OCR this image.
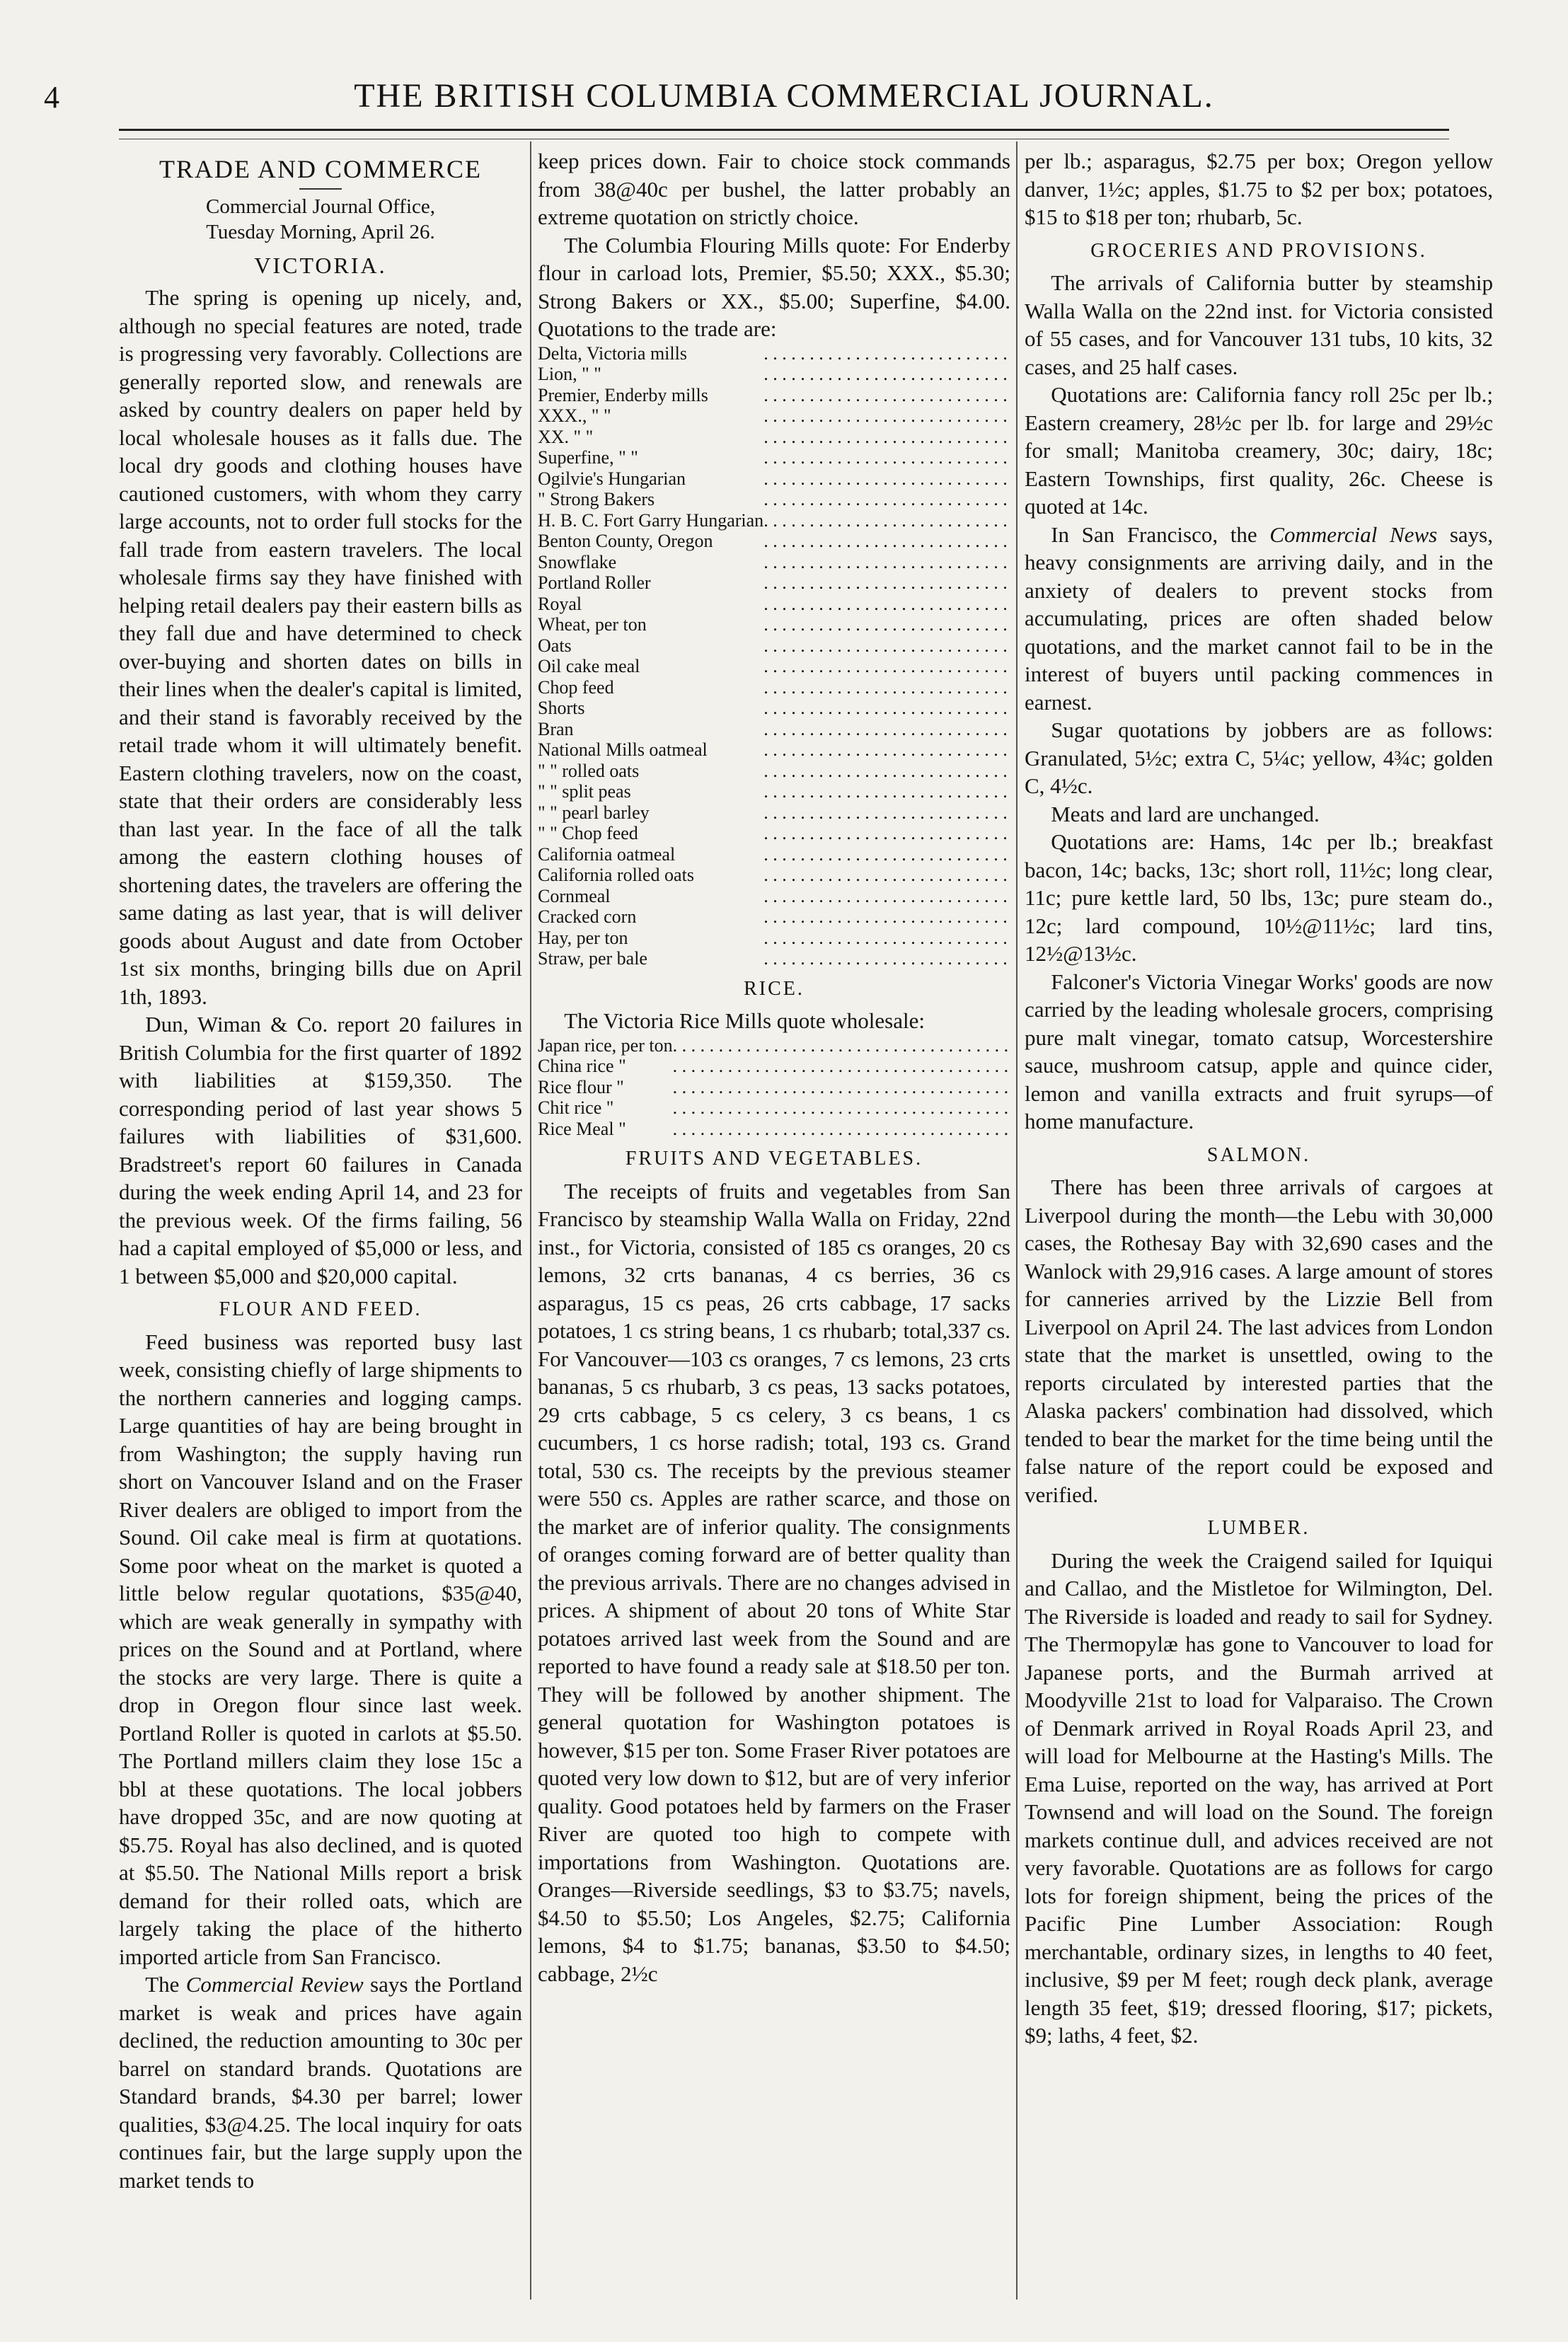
4	THE BRITISH COLUMBIA COMMERCIAL JOURNAL.
TRADE AND COMMERCE
Commercial Journal Office,
Tuesday Morning, April 26.
VICTORIA.

The spring is opening up nicely, and, although no special features are noted, trade is progressing very favorably. Collections are generally reported slow, and renewals are asked by country dealers on paper held by local wholesale houses as it falls due. The local dry goods and clothing houses have cautioned customers, with whom they carry large accounts, not to order full stocks for the fall trade from eastern travelers. The local wholesale firms say they have finished with helping retail dealers pay their eastern bills as they fall due and have determined to check over-buying and shorten dates on bills in their lines when the dealer's capital is limited, and their stand is favorably received by the retail trade whom it will ultimately benefit. Eastern clothing travelers, now on the coast, state that their orders are considerably less than last year. In the face of all the talk among the eastern clothing houses of shortening dates, the travelers are offering the same dating as last year, that is will deliver goods about August and date from October 1st six months, bringing bills due on April 1th, 1893.

Dun, Wiman & Co. report 20 failures in British Columbia for the first quarter of 1892 with liabilities at $159,350. The corresponding period of last year shows 5 failures with liabilities of $31,600. Bradstreet's report 60 failures in Canada during the week ending April 14, and 23 for the previous week. Of the firms failing, 56 had a capital employed of $5,000 or less, and 1 between $5,000 and $20,000 capital.

FLOUR AND FEED.

Feed business was reported busy last week, consisting chiefly of large shipments to the northern canneries and logging camps. Large quantities of hay are being brought in from Washington; the supply having run short on Vancouver Island and on the Fraser River dealers are obliged to import from the Sound. Oil cake meal is firm at quotations. Some poor wheat on the market is quoted a little below regular quotations, $35@40, which are weak generally in sympathy with prices on the Sound and at Portland, where the stocks are very large. There is quite a drop in Oregon flour since last week. Portland Roller is quoted in carlots at $5.50. The Portland millers claim they lose 15c a bbl at these quotations. The local jobbers have dropped 35c, and are now quoting at $5.75. Royal has also declined, and is quoted at $5.50. The National Mills report a brisk demand for their rolled oats, which are largely taking the place of the hitherto imported article from San Francisco.

The Commercial Review says the Portland market is weak and prices have again declined, the reduction amounting to 30c per barrel on standard brands. Quotations are Standard brands, $4.30 per barrel; lower qualities, $3@4.25. The local inquiry for oats continues fair, but the large supply upon the market tends to

keep prices down. Fair to choice stock commands from 38@40c per bushel, the latter probably an extreme quotation on strictly choice.

The Columbia Flouring Mills quote: For Enderby flour in carload lots, Premier, $5.50; XXX., $5.30; Strong Bakers or XX., $5.00; Superfine, $4.00. Quotations to the trade are:

Delta, Victoria mills	. . .	
Lion, " "	. . .	
Premier, Enderby mills	. . .	
XXX., " "	. . .	
XX. " "	. . .	
Superfine, " "	. . .	
Ogilvie's Hungarian	. . .	
" Strong Bakers	. . .	
H. B. C. Fort Garry Hungarian	. . .	
Benton County, Oregon	. . .	
Snowflake	. . .	
Portland Roller	. . .	
Royal	. . .	
Wheat, per ton	. . .	
Oats	. . .	
Oil cake meal	. . .	
Chop feed	. . .	
Shorts	. . .	
Bran	. . .	
National Mills oatmeal	. . .	
" " rolled oats	. . .	
" " split peas	. . .	
" " pearl barley	. . .	
" " Chop feed	. . .	
California oatmeal	. . .	
California rolled oats	. . .	
Cornmeal	. . .	
Cracked corn	. . .	
Hay, per ton	. . .	
Straw, per bale	. . .	
RICE.

The Victoria Rice Mills quote wholesale:

Japan rice, per ton	. . .	
China rice "	. . .	
Rice flour "	. . .	
Chit rice "	. . .	
Rice Meal "	. . .	
FRUITS AND VEGETABLES.

The receipts of fruits and vegetables from San Francisco by steamship Walla Walla on Friday, 22nd inst., for Victoria, consisted of 185 cs oranges, 20 cs lemons, 32 crts bananas, 4 cs berries, 36 cs asparagus, 15 cs peas, 26 crts cabbage, 17 sacks potatoes, 1 cs string beans, 1 cs rhubarb; total,337 cs. For Vancouver—103 cs oranges, 7 cs lemons, 23 crts bananas, 5 cs rhubarb, 3 cs peas, 13 sacks potatoes, 29 crts cabbage, 5 cs celery, 3 cs beans, 1 cs cucumbers, 1 cs horse radish; total, 193 cs. Grand total, 530 cs. The receipts by the previous steamer were 550 cs. Apples are rather scarce, and those on the market are of inferior quality. The consignments of oranges coming forward are of better quality than the previous arrivals. There are no changes advised in prices. A shipment of about 20 tons of White Star potatoes arrived last week from the Sound and are reported to have found a ready sale at $18.50 per ton. They will be followed by another shipment. The general quotation for Washington potatoes is however, $15 per ton. Some Fraser River potatoes are quoted very low down to $12, but are of very inferior quality. Good potatoes held by farmers on the Fraser River are quoted too high to compete with importations from Washington. Quotations are. Oranges—Riverside seedlings, $3 to $3.75; navels, $4.50 to $5.50; Los Angeles, $2.75; California lemons, $4 to $1.75; bananas, $3.50 to $4.50; cabbage, 2½c

per lb.; asparagus, $2.75 per box; Oregon yellow danver, 1½c; apples, $1.75 to $2 per box; potatoes, $15 to $18 per ton; rhubarb, 5c.

GROCERIES AND PROVISIONS.

The arrivals of California butter by steamship Walla Walla on the 22nd inst. for Victoria consisted of 55 cases, and for Vancouver 131 tubs, 10 kits, 32 cases, and 25 half cases.

Quotations are: California fancy roll 25c per lb.; Eastern creamery, 28½c per lb. for large and 29½c for small; Manitoba creamery, 30c; dairy, 18c; Eastern Townships, first quality, 26c. Cheese is quoted at 14c.

In San Francisco, the Commercial News says, heavy consignments are arriving daily, and in the anxiety of dealers to prevent stocks from accumulating, prices are often shaded below quotations, and the market cannot fail to be in the interest of buyers until packing commences in earnest.

Sugar quotations by jobbers are as follows: Granulated, 5½c; extra C, 5¼c; yellow, 4¾c; golden C, 4½c.

Meats and lard are unchanged.

Quotations are: Hams, 14c per lb.; breakfast bacon, 14c; backs, 13c; short roll, 11½c; long clear, 11c; pure kettle lard, 50 lbs, 13c; pure steam do., 12c; lard compound, 10½@11½c; lard tins, 12½@13½c.

Falconer's Victoria Vinegar Works' goods are now carried by the leading wholesale grocers, comprising pure malt vinegar, tomato catsup, Worcestershire sauce, mushroom catsup, apple and quince cider, lemon and vanilla extracts and fruit syrups—of home manufacture.

SALMON.

There has been three arrivals of cargoes at Liverpool during the month—the Lebu with 30,000 cases, the Rothesay Bay with 32,690 cases and the Wanlock with 29,916 cases. A large amount of stores for canneries arrived by the Lizzie Bell from Liverpool on April 24. The last advices from London state that the market is unsettled, owing to the reports circulated by interested parties that the Alaska packers' combination had dissolved, which tended to bear the market for the time being until the false nature of the report could be exposed and verified.

LUMBER.

During the week the Craigend sailed for Iquiqui and Callao, and the Mistletoe for Wilmington, Del. The Riverside is loaded and ready to sail for Sydney. The Thermopylæ has gone to Vancouver to load for Japanese ports, and the Burmah arrived at Moodyville 21st to load for Valparaiso. The Crown of Denmark arrived in Royal Roads April 23, and will load for Melbourne at the Hasting's Mills. The Ema Luise, reported on the way, has arrived at Port Townsend and will load on the Sound. The foreign markets continue dull, and advices received are not very favorable. Quotations are as follows for cargo lots for foreign shipment, being the prices of the Pacific Pine Lumber Association: Rough merchantable, ordinary sizes, in lengths to 40 feet, inclusive, $9 per M feet; rough deck plank, average length 35 feet, $19; dressed flooring, $17; pickets, $9; laths, 4 feet, $2.
